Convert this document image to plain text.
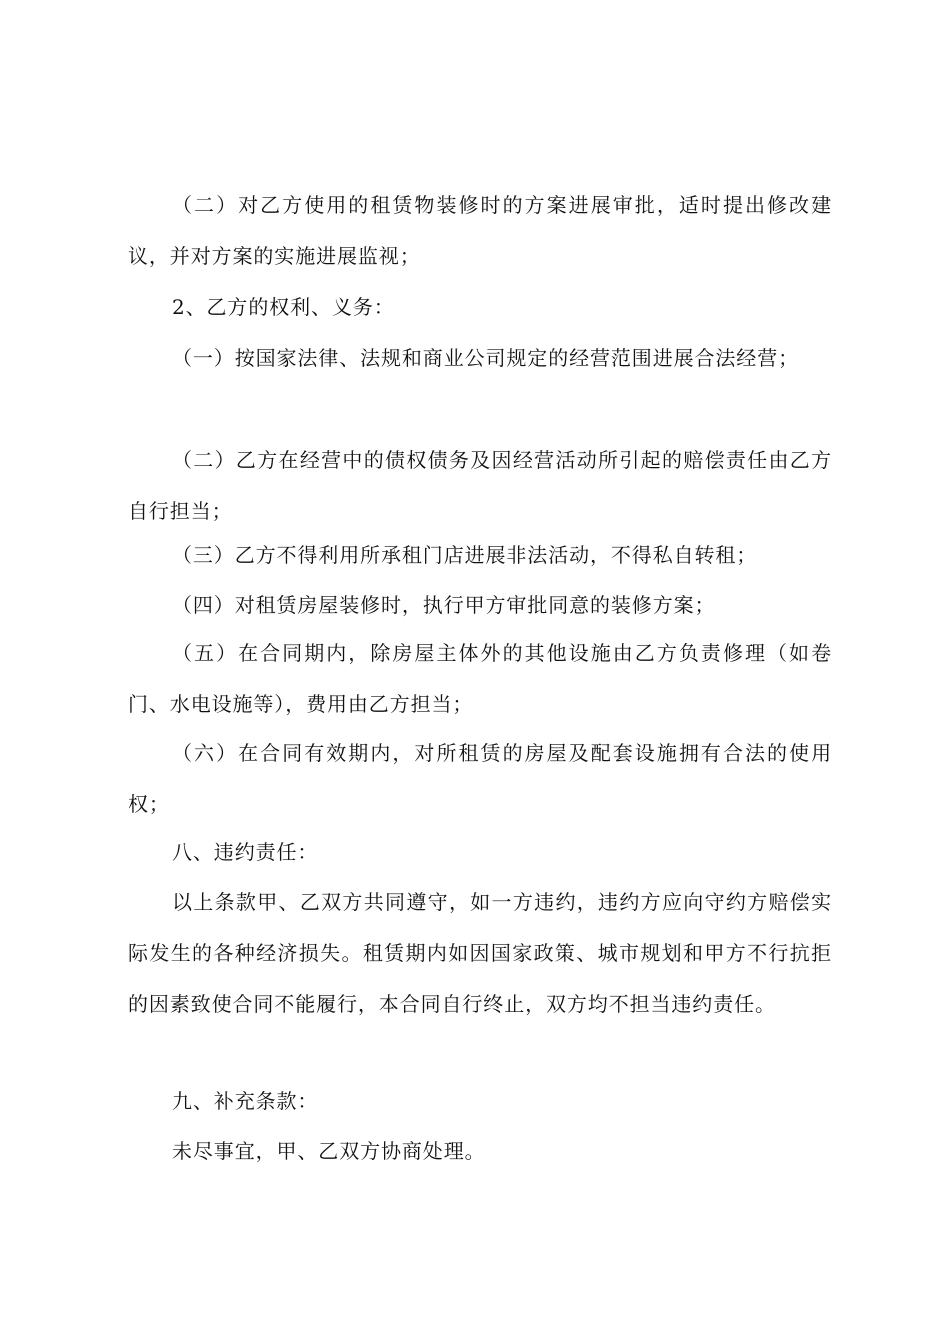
（二）对乙方使用的租赁物装修时的方案进展审批，适时提出修改建议，并对方案的实施进展监视；

2、乙方的权利、义务：

（一）按国家法律、法规和商业公司规定的经营范围进展合法经营；

（二）乙方在经营中的债权债务及因经营活动所引起的赔偿责任由乙方自行担当；

（三）乙方不得利用所承租门店进展非法活动，不得私自转租；

（四）对租赁房屋装修时，执行甲方审批同意的装修方案；

（五）在合同期内，除房屋主体外的其他设施由乙方负责修理（如卷门、水电设施等），费用由乙方担当；

（六）在合同有效期内，对所租赁的房屋及配套设施拥有合法的使用权；

八、违约责任：

以上条款甲、乙双方共同遵守，如一方违约，违约方应向守约方赔偿实际发生的各种经济损失。租赁期内如因国家政策、城市规划和甲方不行抗拒的因素致使合同不能履行，本合同自行终止，双方均不担当违约责任。

九、补充条款：

未尽事宜，甲、乙双方协商处理。
